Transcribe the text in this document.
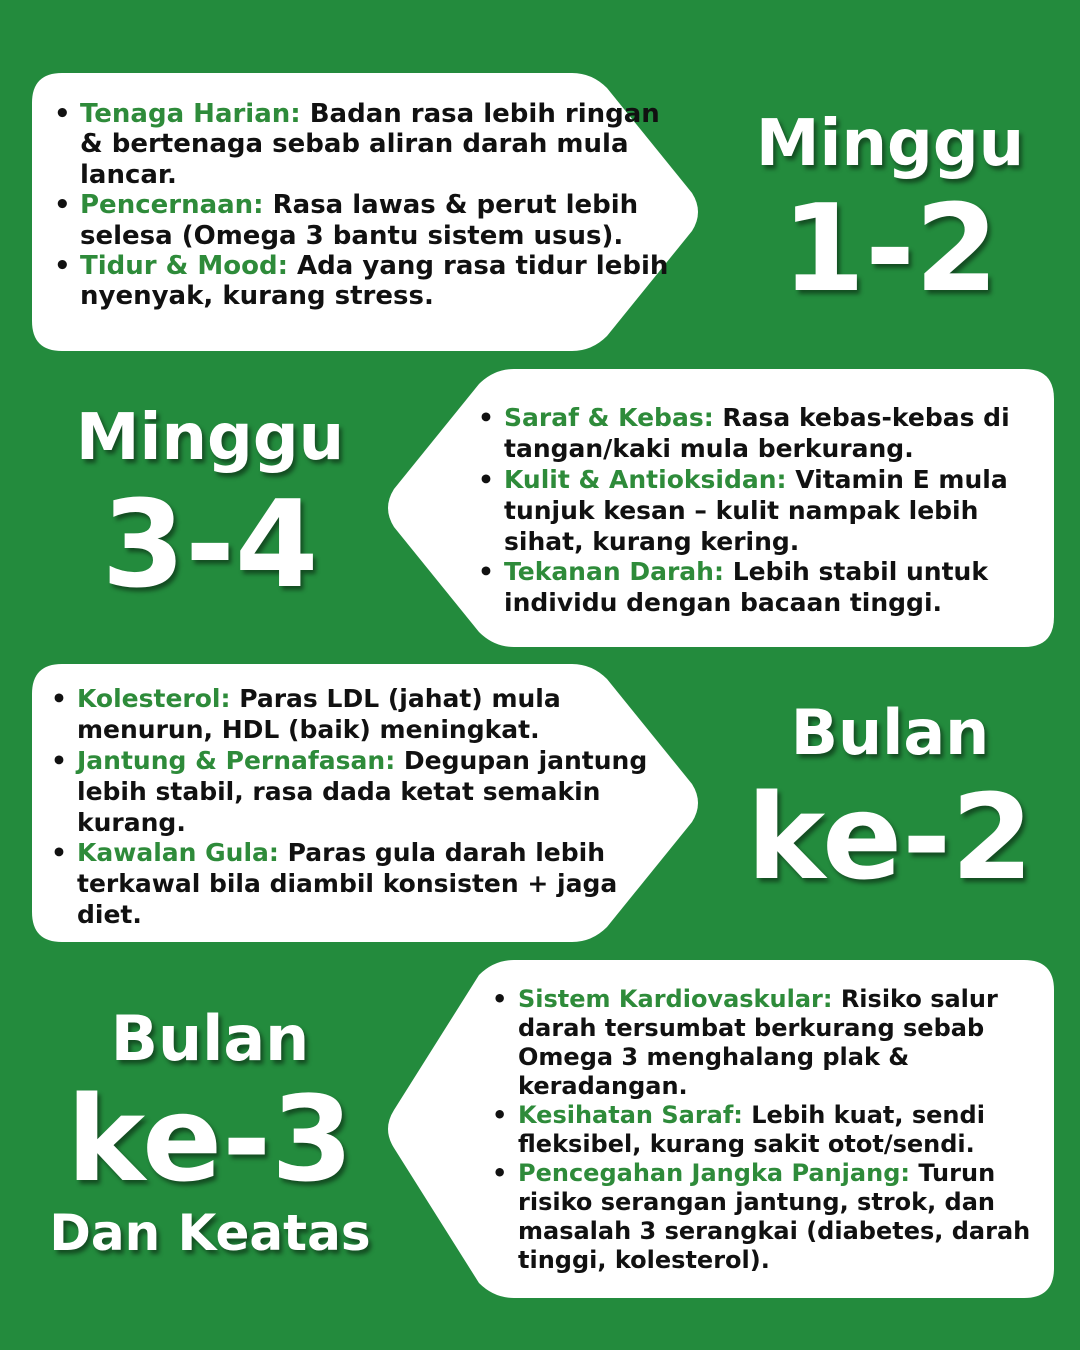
• Tenaga Harian: Badan rasa lebih ringan & bertenaga sebab aliran darah mula lancar.
• Pencernaan: Rasa lawas & perut lebih selesa (Omega 3 bantu sistem usus).
• Tidur & Mood: Ada yang rasa tidur lebih nyenyak, kurang stress.
Minggu
1-2
• Saraf & Kebas: Rasa kebas-kebas di tangan/kaki mula berkurang.
• Kulit & Antioksidan: Vitamin E mula tunjuk kesan – kulit nampak lebih sihat, kurang kering.
• Tekanan Darah: Lebih stabil untuk individu dengan bacaan tinggi.
Minggu
3-4
• Kolesterol: Paras LDL (jahat) mula menurun, HDL (baik) meningkat.
• Jantung & Pernafasan: Degupan jantung lebih stabil, rasa dada ketat semakin kurang.
• Kawalan Gula: Paras gula darah lebih terkawal bila diambil konsisten + jaga diet.
Bulan
ke-2
• Sistem Kardiovaskular: Risiko salur darah tersumbat berkurang sebab Omega 3 menghalang plak & keradangan.
• Kesihatan Saraf: Lebih kuat, sendi fleksibel, kurang sakit otot/sendi.
• Pencegahan Jangka Panjang: Turun risiko serangan jantung, strok, dan masalah 3 serangkai (diabetes, darah tinggi, kolesterol).
Bulan
ke-3
Dan Keatas
